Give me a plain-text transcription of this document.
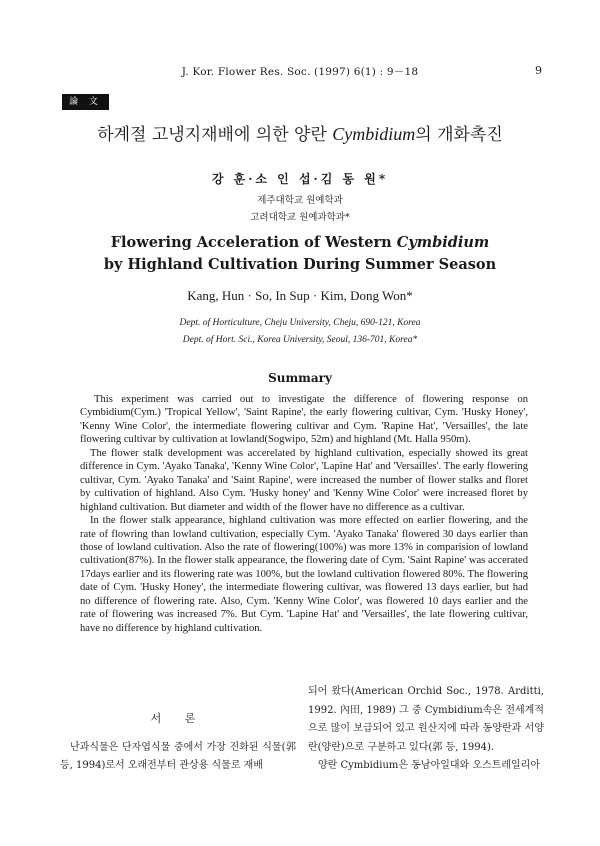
J. Kor. Flower Res. Soc. (1997) 6(1) : 9－18	9
論 文
하계절 고냉지재배에 의한 양란 Cymbidium의 개화촉진
강 훈·소 인 섭·김 동 원*
제주대학교 원예학과
고려대학교 원예과학과*
Flowering Acceleration of Western Cymbidium
by Highland Cultivation During Summer Season
Kang, Hun · So, In Sup · Kim, Dong Won*
Dept. of Horticulture, Cheju University, Cheju, 690-121, Korea
Dept. of Hort. Sci., Korea University, Seoul, 136-701, Korea*
Summary

This experiment was carried out to investigate the difference of flowering response on Cymbidium(Cym.) 'Tropical Yellow', 'Saint Rapine', the early flowering cultivar, Cym. 'Husky Honey', 'Kenny Wine Color', the intermediate flowering cultivar and Cym. 'Rapine Hat', 'Versailles', the late flowering cultivar by cultivation at lowland(Sogwipo, 52m) and highland (Mt. Halla 950m).

The flower stalk development was accerelated by highland cultivation, especially showed its great difference in Cym. 'Ayako Tanaka', 'Kenny Wine Color', 'Lapine Hat' and 'Versailles'. The early flowering cultivar, Cym. 'Ayako Tanaka' and 'Saint Rapine', were increased the number of flower stalks and floret by cultivation of highland. Also Cym. 'Husky honey' and 'Kenny Wine Color' were increased floret by highland cultivation. But diameter and width of the flower have no difference as a cultivar.

In the flower stalk appearance, highland cultivation was more effected on earlier flowering, and the rate of flowring than lowland cultivation, especially Cym. 'Ayako Tanaka' flowered 30 days earlier than those of lowland cultivation. Also the rate of flowering(100%) was more 13% in comparision of lowland cultivation(87%). In the flower stalk appearance, the flowering date of Cym. 'Saint Rapine' was accerated 17days earlier and its flowering rate was 100%, but the lowland cultivation flowered 80%. The flowering date of Cym. 'Husky Honey', the intermediate flowering cultivar, was flowered 13 days earlier, but had no difference of flowering rate. Also, Cym. 'Kenny Wine Color', was flowered 10 days earlier and the rate of flowering was increased 7%. But Cym. 'Lapine Hat' and 'Versailles', the late flowering cultivar, have no difference by highland cultivation.

서 론

난과식물은 단자엽식물 중에서 가장 진화된 식물(郭 등, 1994)로서 오래전부터 관상용 식물로 재배

되어 왔다(American Orchid Soc., 1978. Arditti, 1992. 內田, 1989) 그 중 Cymbidium속은 전세계적으로 많이 보급되어 있고 원산지에 따라 동양란과 서양란(양란)으로 구분하고 있다(郭 등, 1994).

　양란 Cymbidium은 동남아일대와 오스트레일리아
